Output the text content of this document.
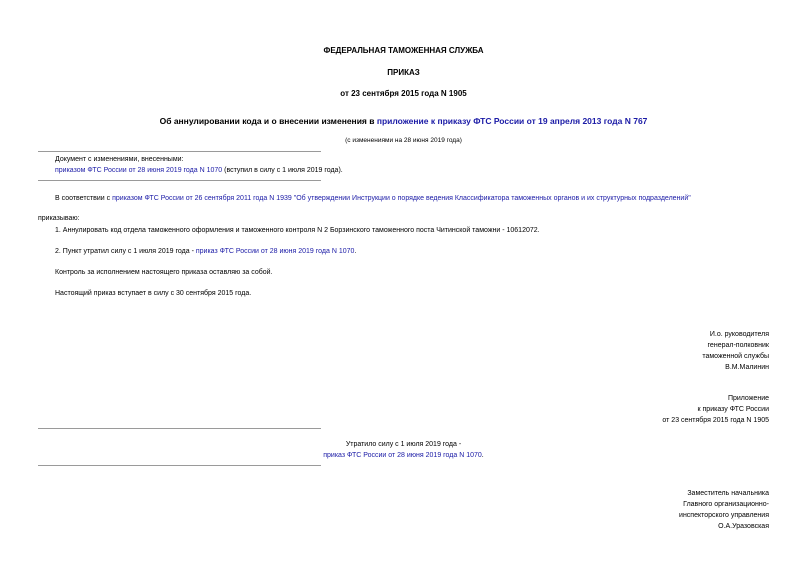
ФЕДЕРАЛЬНАЯ ТАМОЖЕННАЯ СЛУЖБА
ПРИКАЗ
от 23 сентября 2015 года N 1905
Об аннулировании кода и о внесении изменения в приложение к приказу ФТС России от 19 апреля 2013 года N 767
(с изменениями на 28 июня 2019 года)
Документ с изменениями, внесенными:
приказом ФТС России от 28 июня 2019 года N 1070 (вступил в силу с 1 июля 2019 года).
В соответствии с приказом ФТС России от 26 сентября 2011 года N 1939 "Об утверждении Инструкции о порядке ведения Классификатора таможенных органов и их структурных подразделений"
приказываю:
1. Аннулировать код отдела таможенного оформления и таможенного контроля N 2 Борзинского таможенного поста Читинской таможни - 10612072.
2. Пункт утратил силу с 1 июля 2019 года - приказ ФТС России от 28 июня 2019 года N 1070.
Контроль за исполнением настоящего приказа оставляю за собой.
Настоящий приказ вступает в силу с 30 сентября 2015 года.
И.о. руководителя
генерал-полковник
таможенной службы
В.М.Малинин
Приложение
к приказу ФТС России
от 23 сентября 2015 года N 1905
Утратило силу с 1 июля 2019 года -
приказ ФТС России от 28 июня 2019 года N 1070.
Заместитель начальника
Главного организационно-
инспекторского управления
О.А.Уразовская
